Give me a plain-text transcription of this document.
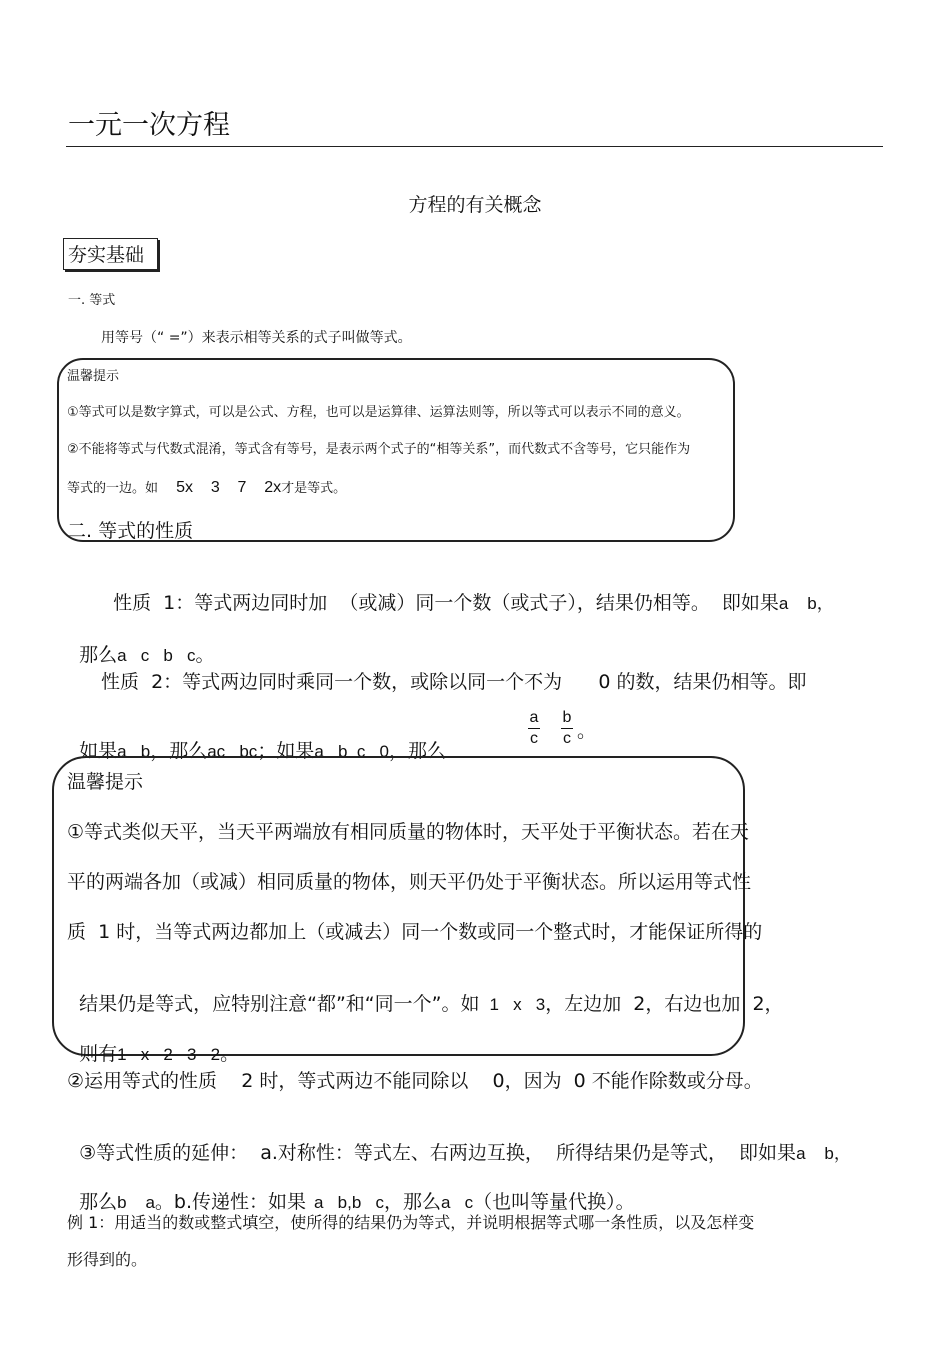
一元一次方程
方程的有关概念
夯实基础
一. 等式
用等号（“ =”）来表示相等关系的式子叫做等式。
温馨提示
①等式可以是数字算式，可以是公式、方程，也可以是运算律、运算法则等，所以等式可以表示不同的意义。
②不能将等式与代数式混淆，等式含有等号，是表示两个式子的“相等关系”，而代数式不含等号，它只能作为
等式的一边。如 5x    3    7    2x才是等式。
二. 等式的性质

性质  1：等式两边同时加  （或减）同一个数（或式子），结果仍相等。  即如果a    b，

那么a   c   b   c。

性质  2：等式两边同时乘同一个数，或除以同一个不为      0 的数，结果仍相等。即

如果a   b，那么ac   bc；如果a   b  c   0，那么

a
c
b
c 。
温馨提示
①等式类似天平，当天平两端放有相同质量的物体时，天平处于平衡状态。若在天
平的两端各加（或减）相同质量的物体，则天平仍处于平衡状态。所以运用等式性
质  1 时，当等式两边都加上（或减去）同一个数或同一个整式时，才能保证所得的

结果仍是等式，应特别注意“都”和“同一个”。如 1   x   3，左边加  2，右边也加  2，

则有1   x   2   3   2。

②运用等式的性质    2 时，等式两边不能同除以    0，因为  0 不能作除数或分母。

③等式性质的延伸：  a.对称性：等式左、右两边互换，  所得结果仍是等式，  即如果a    b，

那么b    a。b.传递性：如果 a   b,b   c，那么a   c（也叫等量代换）。

例 1：用适当的数或整式填空，使所得的结果仍为等式，并说明根据等式哪一条性质，以及怎样变
形得到的。
